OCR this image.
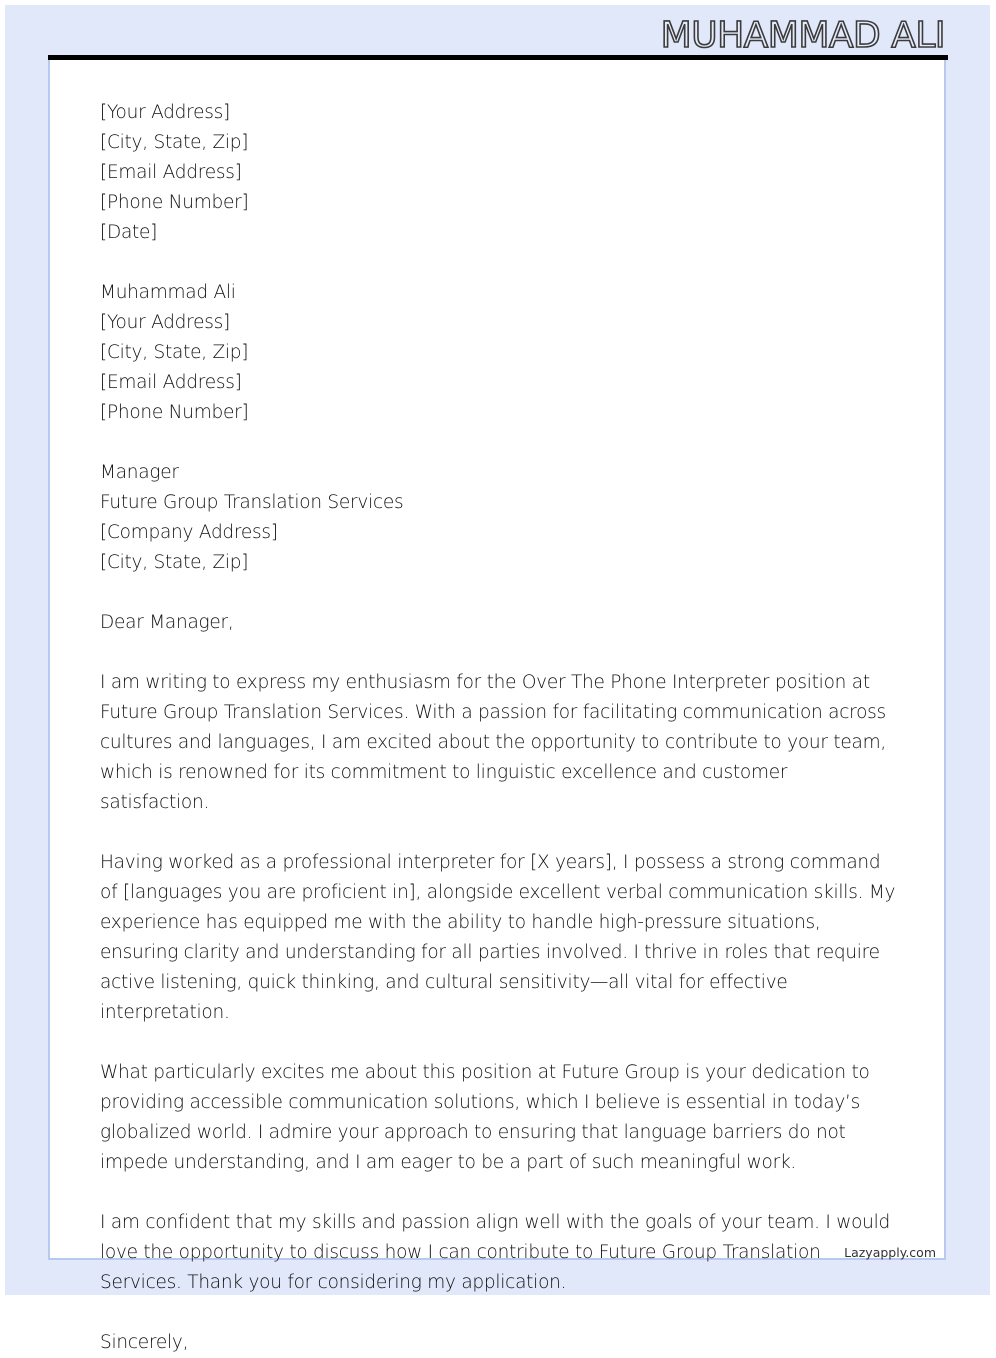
MUHAMMAD ALI
[Your Address]
[City, State, Zip]
[Email Address]
[Phone Number]
[Date]
Muhammad Ali
[Your Address]
[City, State, Zip]
[Email Address]
[Phone Number]
Manager
Future Group Translation Services
[Company Address]
[City, State, Zip]

Dear Manager,

I am writing to express my enthusiasm for the Over The Phone Interpreter position at Future Group Translation Services. With a passion for facilitating communication across cultures and languages, I am excited about the opportunity to contribute to your team, which is renowned for its commitment to linguistic excellence and customer satisfaction.

Having worked as a professional interpreter for [X years], I possess a strong command of [languages you are proficient in], alongside excellent verbal communication skills. My experience has equipped me with the ability to handle high-pressure situations, ensuring clarity and understanding for all parties involved. I thrive in roles that require active listening, quick thinking, and cultural sensitivity—all vital for effective interpretation.

What particularly excites me about this position at Future Group is your dedication to providing accessible communication solutions, which I believe is essential in today’s globalized world. I admire your approach to ensuring that language barriers do not impede understanding, and I am eager to be a part of such meaningful work.

I am confident that my skills and passion align well with the goals of your team. I would love the opportunity to discuss how I can contribute to Future Group Translation Services. Thank you for considering my application.

Sincerely,

Lazyapply.com
